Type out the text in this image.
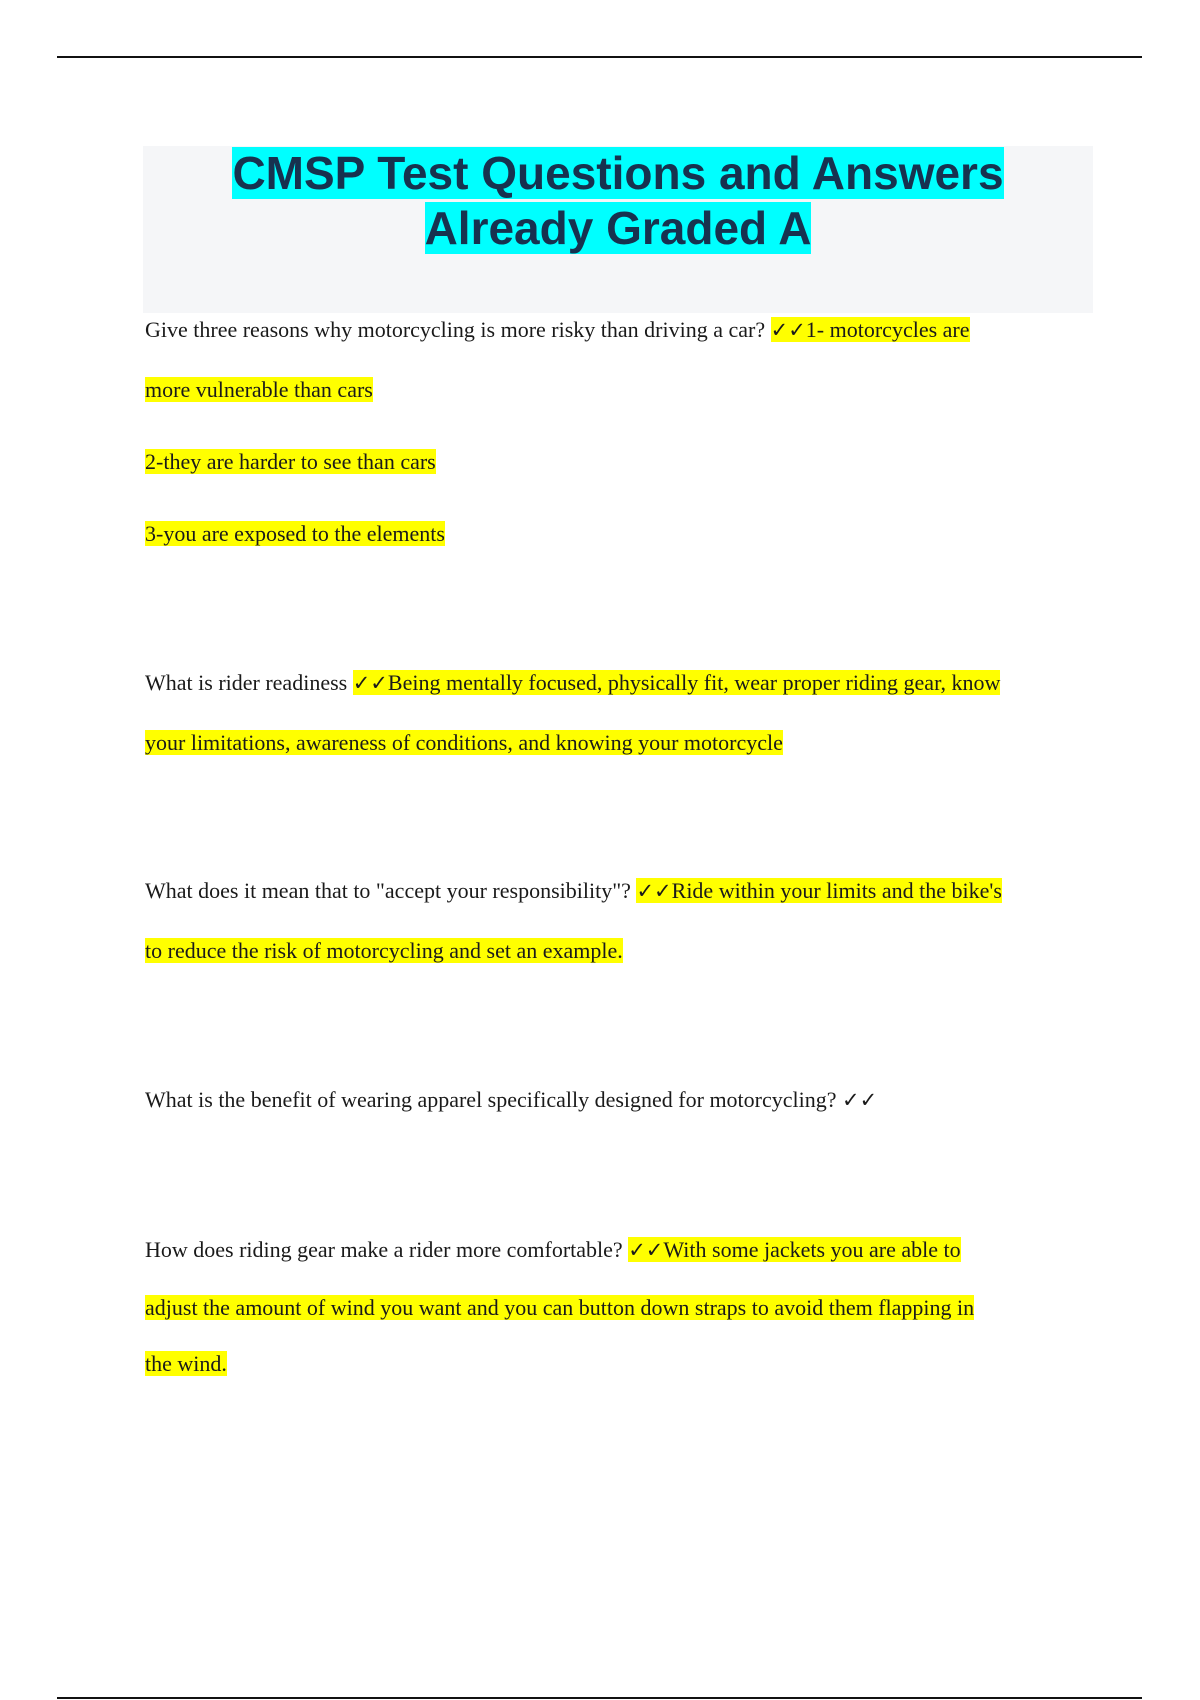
CMSP Test Questions and Answers
Already Graded A
Give three reasons why motorcycling is more risky than driving a car? ✓✓1- motorcycles are
more vulnerable than cars
2-they are harder to see than cars
3-you are exposed to the elements
What is rider readiness ✓✓Being mentally focused, physically fit, wear proper riding gear, know
your limitations, awareness of conditions, and knowing your motorcycle
What does it mean that to "accept your responsibility"? ✓✓Ride within your limits and the bike's
to reduce the risk of motorcycling and set an example.
What is the benefit of wearing apparel specifically designed for motorcycling? ✓✓
How does riding gear make a rider more comfortable? ✓✓With some jackets you are able to
adjust the amount of wind you want and you can button down straps to avoid them flapping in
the wind.
